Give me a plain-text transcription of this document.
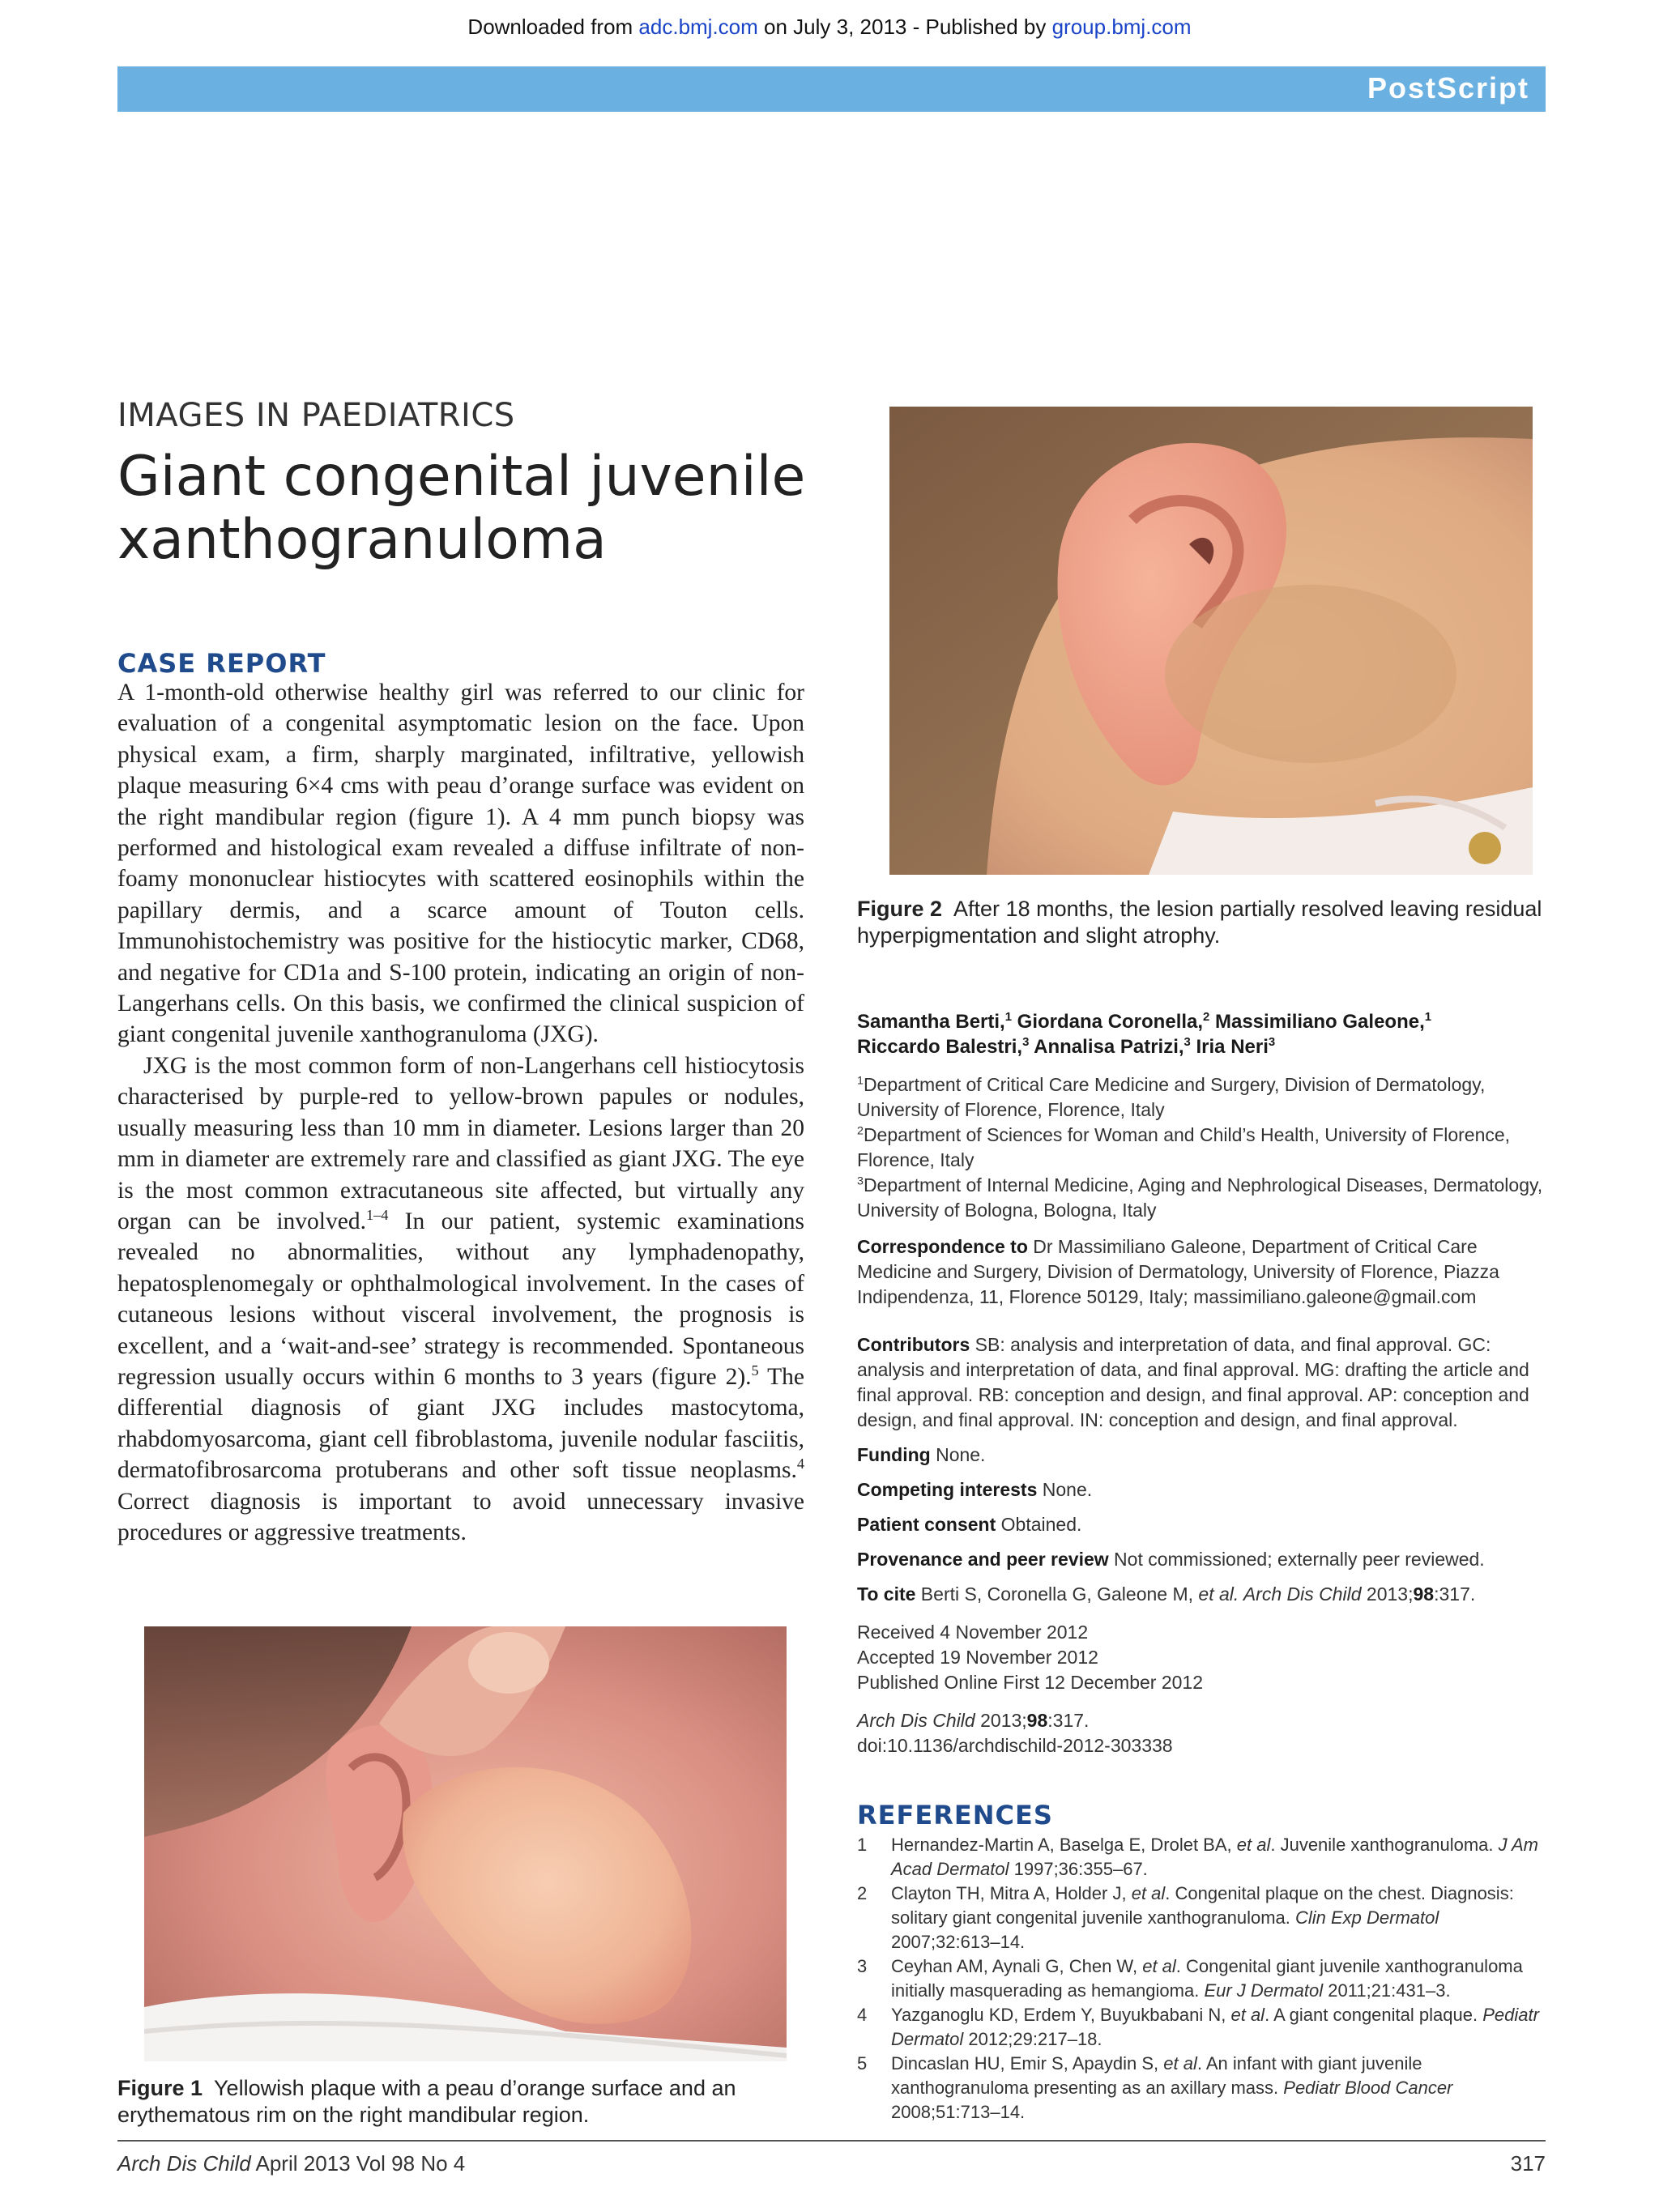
Downloaded from adc.bmj.com on July 3, 2013 - Published by group.bmj.com
PostScript
IMAGES IN PAEDIATRICS
Giant congenital juvenile xanthogranuloma
CASE REPORT

A 1-month-old otherwise healthy girl was referred to our clinic for evaluation of a congenital asymptomatic lesion on the face. Upon physical exam, a firm, sharply marginated, infiltrative, yellowish plaque measuring 6×4 cms with peau d’orange surface was evident on the right mandibular region (figure 1). A 4 mm punch biopsy was performed and histological exam revealed a diffuse infiltrate of non-foamy mononuclear histiocytes with scattered eosinophils within the papillary dermis, and a scarce amount of Touton cells. Immunohistochemistry was positive for the histiocytic marker, CD68, and negative for CD1a and S-100 protein, indicating an origin of non-Langerhans cells. On this basis, we confirmed the clinical suspicion of giant congenital juvenile xanthogranuloma (JXG).

JXG is the most common form of non-Langerhans cell histiocytosis characterised by purple-red to yellow-brown papules or nodules, usually measuring less than 10 mm in diameter. Lesions larger than 20 mm in diameter are extremely rare and classified as giant JXG. The eye is the most common extracutaneous site affected, but virtually any organ can be involved.$^{1-4}$ In our patient, systemic examinations revealed no abnormalities, without any lymphadenopathy, hepatosplenomegaly or ophthalmological involvement. In the cases of cutaneous lesions without visceral involvement, the prognosis is excellent, and a ‘wait-and-see’ strategy is recommended. Spontaneous regression usually occurs within 6 months to 3 years (figure 2).$^5$ The differential diagnosis of giant JXG includes mastocytoma, rhabdomyosarcoma, giant cell fibroblastoma, juvenile nodular fasciitis, dermatofibrosarcoma protuberans and other soft tissue neoplasms.$^4$ Correct diagnosis is important to avoid unnecessary invasive procedures or aggressive treatments.

Figure 1 Yellowish plaque with a peau d’orange surface and an erythematous rim on the right mandibular region.
Figure 2 After 18 months, the lesion partially resolved leaving residual hyperpigmentation and slight atrophy.
Samantha Berti,$^1$ Giordana Coronella,$^2$ Massimiliano Galeone,$^1$
Riccardo Balestri,$^3$ Annalisa Patrizi,$^3$ Iria Neri$^3$
$^1$Department of Critical Care Medicine and Surgery, Division of Dermatology, University of Florence, Florence, Italy
$^2$Department of Sciences for Woman and Child’s Health, University of Florence, Florence, Italy
$^3$Department of Internal Medicine, Aging and Nephrological Diseases, Dermatology, University of Bologna, Bologna, Italy
Correspondence to Dr Massimiliano Galeone, Department of Critical Care Medicine and Surgery, Division of Dermatology, University of Florence, Piazza Indipendenza, 11, Florence 50129, Italy; massimiliano.galeone@gmail.com
Contributors SB: analysis and interpretation of data, and final approval. GC: analysis and interpretation of data, and final approval. MG: drafting the article and final approval. RB: conception and design, and final approval. AP: conception and design, and final approval. IN: conception and design, and final approval.
Funding None.
Competing interests None.
Patient consent Obtained.
Provenance and peer review Not commissioned; externally peer reviewed.
To cite Berti S, Coronella G, Galeone M, et al. Arch Dis Child 2013;98:317.
Received 4 November 2012
Accepted 19 November 2012
Published Online First 12 December 2012
Arch Dis Child 2013;98:317.
doi:10.1136/archdischild-2012-303338
REFERENCES
1 Hernandez-Martin A, Baselga E, Drolet BA, et al. Juvenile xanthogranuloma. J Am Acad Dermatol 1997;36:355–67.
2 Clayton TH, Mitra A, Holder J, et al. Congenital plaque on the chest. Diagnosis: solitary giant congenital juvenile xanthogranuloma. Clin Exp Dermatol 2007;32:613–14.
3 Ceyhan AM, Aynali G, Chen W, et al. Congenital giant juvenile xanthogranuloma initially masquerading as hemangioma. Eur J Dermatol 2011;21:431–3.
4 Yazganoglu KD, Erdem Y, Buyukbabani N, et al. A giant congenital plaque. Pediatr Dermatol 2012;29:217–18.
5 Dincaslan HU, Emir S, Apaydin S, et al. An infant with giant juvenile xanthogranuloma presenting as an axillary mass. Pediatr Blood Cancer 2008;51:713–14.
Arch Dis Child April 2013 Vol 98 No 4	317
